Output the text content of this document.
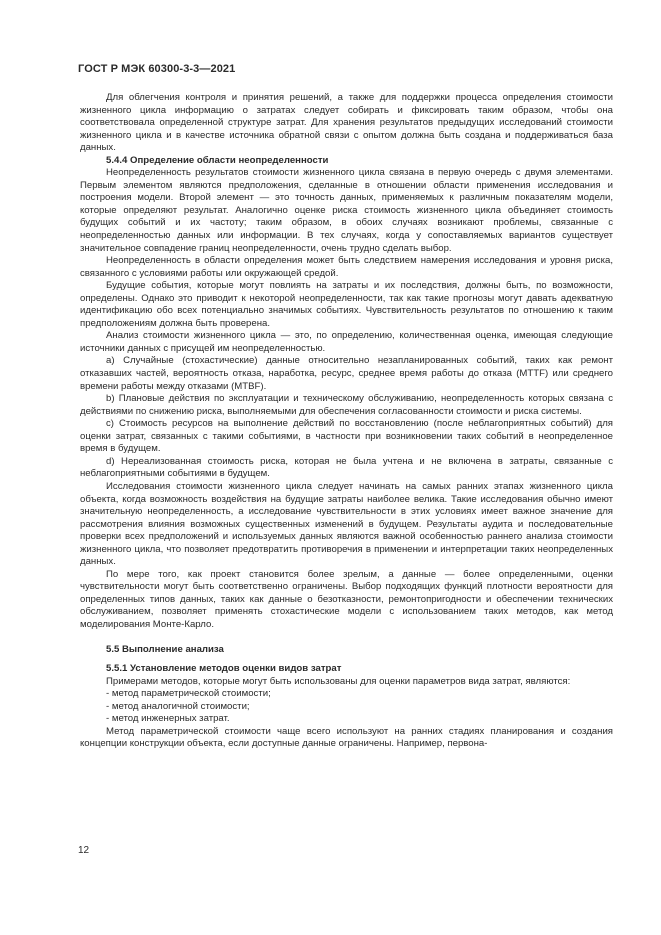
ГОСТ Р МЭК 60300-3-3—2021

Для облегчения контроля и принятия решений, а также для поддержки процесса определения стоимости жизненного цикла информацию о затратах следует собирать и фиксировать таким образом, чтобы она соответствовала определенной структуре затрат. Для хранения результатов предыдущих исследований стоимости жизненного цикла и в качестве источника обратной связи с опытом должна быть создана и поддерживаться база данных.

5.4.4 Определение области неопределенности

Неопределенность результатов стоимости жизненного цикла связана в первую очередь с двумя элементами. Первым элементом являются предположения, сделанные в отношении области применения исследования и построения модели. Второй элемент — это точность данных, применяемых к различным показателям модели, которые определяют результат. Аналогично оценке риска стоимость жизненного цикла объединяет стоимость будущих событий и их частоту; таким образом, в обоих случаях возникают проблемы, связанные с неопределенностью данных или информации. В тех случаях, когда у сопоставляемых вариантов существует значительное совпадение границ неопределенности, очень трудно сделать выбор.

Неопределенность в области определения может быть следствием намерения исследования и уровня риска, связанного с условиями работы или окружающей средой.

Будущие события, которые могут повлиять на затраты и их последствия, должны быть, по возможности, определены. Однако это приводит к некоторой неопределенности, так как такие прогнозы могут давать адекватную идентификацию обо всех потенциально значимых событиях. Чувствительность результатов по отношению к таким предположениям должна быть проверена.

Анализ стоимости жизненного цикла — это, по определению, количественная оценка, имеющая следующие источники данных с присущей им неопределенностью.

а) Случайные (стохастические) данные относительно незапланированных событий, таких как ремонт отказавших частей, вероятность отказа, наработка, ресурс, среднее время работы до отказа (MTTF) или среднего времени работы между отказами (MTBF).

b) Плановые действия по эксплуатации и техническому обслуживанию, неопределенность которых связана с действиями по снижению риска, выполняемыми для обеспечения согласованности стоимости и риска системы.

c) Стоимость ресурсов на выполнение действий по восстановлению (после неблагоприятных событий) для оценки затрат, связанных с такими событиями, в частности при возникновении таких событий в неопределенное время в будущем.

d) Нереализованная стоимость риска, которая не была учтена и не включена в затраты, связанные с неблагоприятными событиями в будущем.

Исследования стоимости жизненного цикла следует начинать на самых ранних этапах жизненного цикла объекта, когда возможность воздействия на будущие затраты наиболее велика. Такие исследования обычно имеют значительную неопределенность, а исследование чувствительности в этих условиях имеет важное значение для рассмотрения влияния возможных существенных изменений в будущем. Результаты аудита и последовательные проверки всех предположений и используемых данных являются важной особенностью раннего анализа стоимости жизненного цикла, что позволяет предотвратить противоречия в применении и интерпретации таких неопределенных данных.

По мере того, как проект становится более зрелым, а данные — более определенными, оценки чувствительности могут быть соответственно ограничены. Выбор подходящих функций плотности вероятности для определенных типов данных, таких как данные о безотказности, ремонтопригодности и обеспечении технических обслуживанием, позволяет применять стохастические модели с использованием таких методов, как метод моделирования Монте-Карло.

5.5 Выполнение анализа
5.5.1 Установление методов оценки видов затрат

Примерами методов, которые могут быть использованы для оценки параметров вида затрат, являются:

- метод параметрической стоимости;
- метод аналогичной стоимости;
- метод инженерных затрат.

Метод параметрической стоимости чаще всего используют на ранних стадиях планирования и создания концепции конструкции объекта, если доступные данные ограничены. Например, первона-

12
